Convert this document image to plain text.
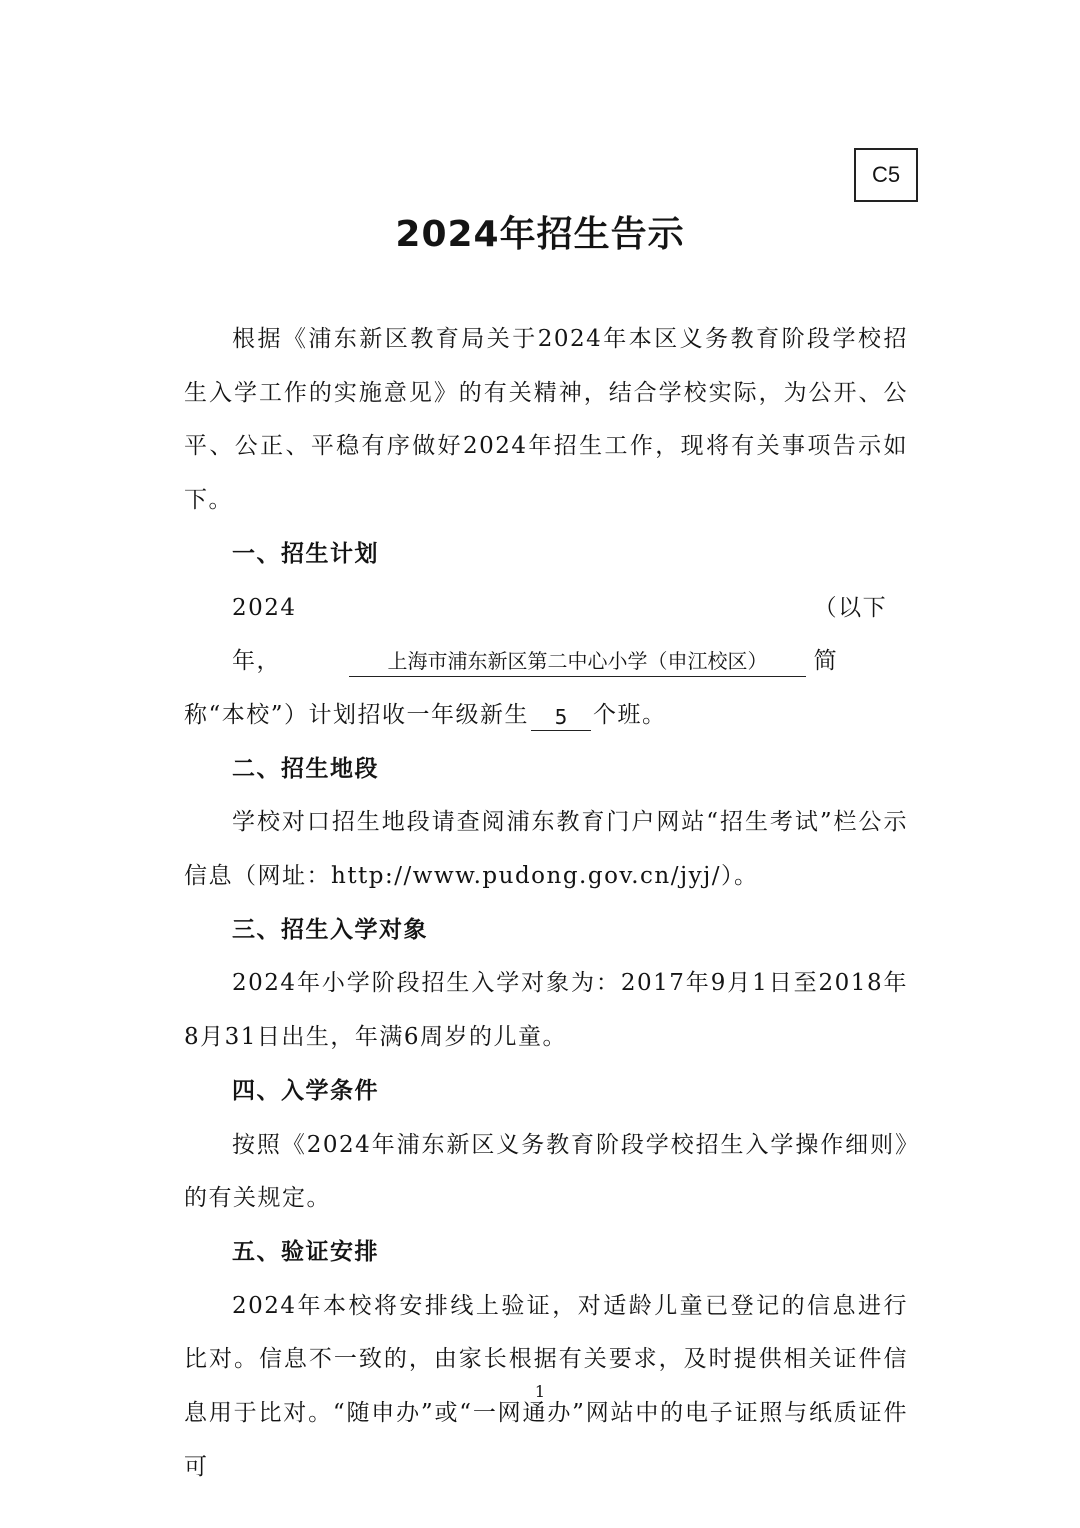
C5
2024年招生告示

根据《浦东新区教育局关于2024年本区义务教育阶段学校招生入学工作的实施意见》的有关精神，结合学校实际，为公开、公平、公正、平稳有序做好2024年招生工作，现将有关事项告示如下。

一、招生计划
2024年，	上海市浦东新区第二中心小学（申江校区）
（以下简
称“本校”）计划招收一年级新生	5	个班。
二、招生地段

学校对口招生地段请查阅浦东教育门户网站“招生考试”栏公示信息（网址：http://www.pudong.gov.cn/jyj/）。

三、招生入学对象

2024年小学阶段招生入学对象为：2017年9月1日至2018年8月31日出生，年满6周岁的儿童。

四、入学条件

按照《2024年浦东新区义务教育阶段学校招生入学操作细则》的有关规定。

五、验证安排

2024年本校将安排线上验证，对适龄儿童已登记的信息进行比对。信息不一致的，由家长根据有关要求，及时提供相关证件信息用于比对。“随申办”或“一网通办”网站中的电子证照与纸质证件可

1
